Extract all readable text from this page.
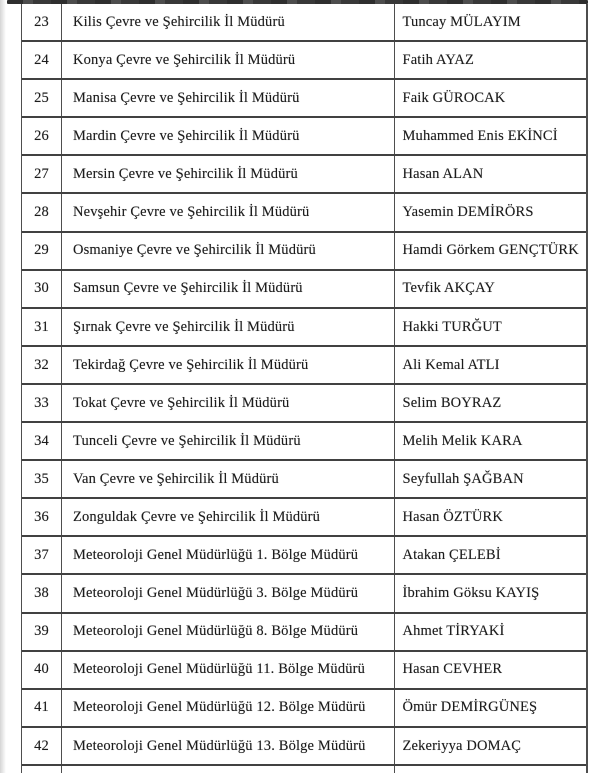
23	Kilis Çevre ve Şehircilik İl Müdürü	Tuncay MÜLAYIM
24	Konya Çevre ve Şehircilik İl Müdürü	Fatih AYAZ
25	Manisa Çevre ve Şehircilik İl Müdürü	Faik GÜROCAK
26	Mardin Çevre ve Şehircilik İl Müdürü	Muhammed Enis EKİNCİ
27	Mersin Çevre ve Şehircilik İl Müdürü	Hasan ALAN
28	Nevşehir Çevre ve Şehircilik İl Müdürü	Yasemin DEMİRÖRS
29	Osmaniye Çevre ve Şehircilik İl Müdürü	Hamdi Görkem GENÇTÜRK
30	Samsun Çevre ve Şehircilik İl Müdürü	Tevfik AKÇAY
31	Şırnak Çevre ve Şehircilik İl Müdürü	Hakki TURĞUT
32	Tekirdağ Çevre ve Şehircilik İl Müdürü	Ali Kemal ATLI
33	Tokat Çevre ve Şehircilik İl Müdürü	Selim BOYRAZ
34	Tunceli Çevre ve Şehircilik İl Müdürü	Melih Melik KARA
35	Van Çevre ve Şehircilik İl Müdürü	Seyfullah ŞAĞBAN
36	Zonguldak Çevre ve Şehircilik İl Müdürü	Hasan ÖZTÜRK
37	Meteoroloji Genel Müdürlüğü 1. Bölge Müdürü	Atakan ÇELEBİ
38	Meteoroloji Genel Müdürlüğü 3. Bölge Müdürü	İbrahim Göksu KAYIŞ
39	Meteoroloji Genel Müdürlüğü 8. Bölge Müdürü	Ahmet TİRYAKİ
40	Meteoroloji Genel Müdürlüğü 11. Bölge Müdürü	Hasan CEVHER
41	Meteoroloji Genel Müdürlüğü 12. Bölge Müdürü	Ömür DEMİRGÜNEŞ
42	Meteoroloji Genel Müdürlüğü 13. Bölge Müdürü	Zekeriyya DOMAÇ
